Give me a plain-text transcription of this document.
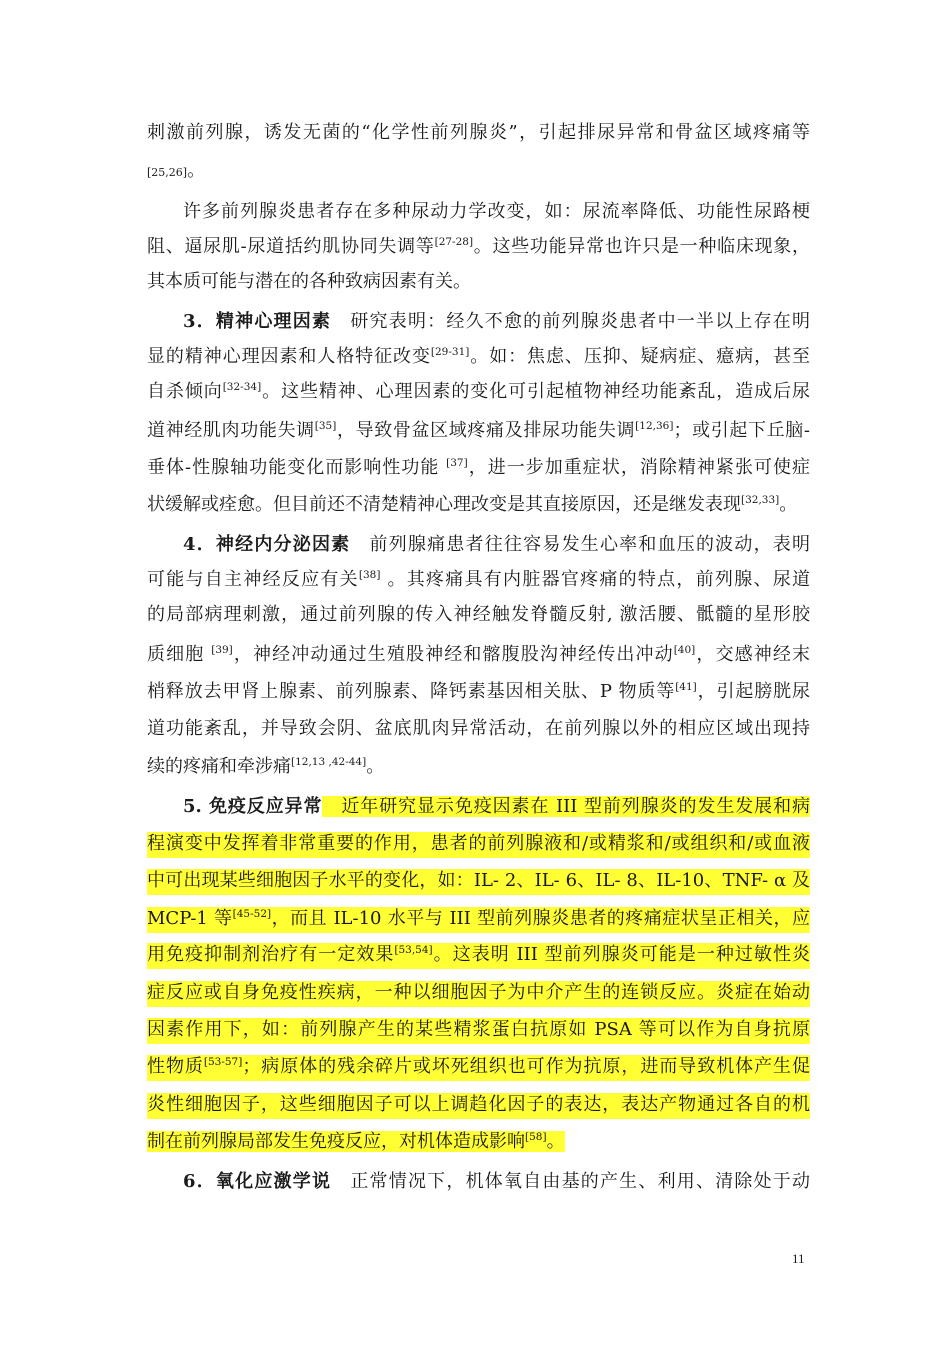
刺激前列腺，诱发无菌的“化学性前列腺炎”，引起排尿异常和骨盆区域疼痛等
[25,26]。
许多前列腺炎患者存在多种尿动力学改变，如：尿流率降低、功能性尿路梗
阻、逼尿肌-尿道括约肌协同失调等[27-28]。这些功能异常也许只是一种临床现象，
其本质可能与潜在的各种致病因素有关。
3．精神心理因素　研究表明：经久不愈的前列腺炎患者中一半以上存在明
显的精神心理因素和人格特征改变[29-31]。如：焦虑、压抑、疑病症、癔病，甚至
自杀倾向[32-34]。这些精神、心理因素的变化可引起植物神经功能紊乱，造成后尿
道神经肌肉功能失调[35]，导致骨盆区域疼痛及排尿功能失调[12,36]；或引起下丘脑-
垂体-性腺轴功能变化而影响性功能 [37]，进一步加重症状，消除精神紧张可使症
状缓解或痊愈。但目前还不清楚精神心理改变是其直接原因，还是继发表现[32,33]。
4．神经内分泌因素　前列腺痛患者往往容易发生心率和血压的波动，表明
可能与自主神经反应有关[38] 。其疼痛具有内脏器官疼痛的特点，前列腺、尿道
的局部病理刺激，通过前列腺的传入神经触发脊髓反射, 激活腰、骶髓的星形胶
质细胞 [39]，神经冲动通过生殖股神经和髂腹股沟神经传出冲动[40]，交感神经末
梢释放去甲肾上腺素、前列腺素、降钙素基因相关肽、P 物质等[41]，引起膀胱尿
道功能紊乱，并导致会阴、盆底肌肉异常活动，在前列腺以外的相应区域出现持
续的疼痛和牵涉痛[12,13 ,42-44]。
5. 免疫反应异常　近年研究显示免疫因素在 III 型前列腺炎的发生发展和病
程演变中发挥着非常重要的作用，患者的前列腺液和/或精浆和/或组织和/或血液
中可出现某些细胞因子水平的变化，如：IL- 2、IL- 6、IL- 8、IL-10、TNF- α 及
MCP-1 等[45-52]，而且 IL-10 水平与 III 型前列腺炎患者的疼痛症状呈正相关，应
用免疫抑制剂治疗有一定效果[53,54]。这表明 III 型前列腺炎可能是一种过敏性炎
症反应或自身免疫性疾病，一种以细胞因子为中介产生的连锁反应。炎症在始动
因素作用下，如：前列腺产生的某些精浆蛋白抗原如 PSA 等可以作为自身抗原
性物质[53-57]；病原体的残余碎片或坏死组织也可作为抗原，进而导致机体产生促
炎性细胞因子，这些细胞因子可以上调趋化因子的表达，表达产物通过各自的机
制在前列腺局部发生免疫反应，对机体造成影响[58]。
6．氧化应激学说　正常情况下，机体氧自由基的产生、利用、清除处于动
11
